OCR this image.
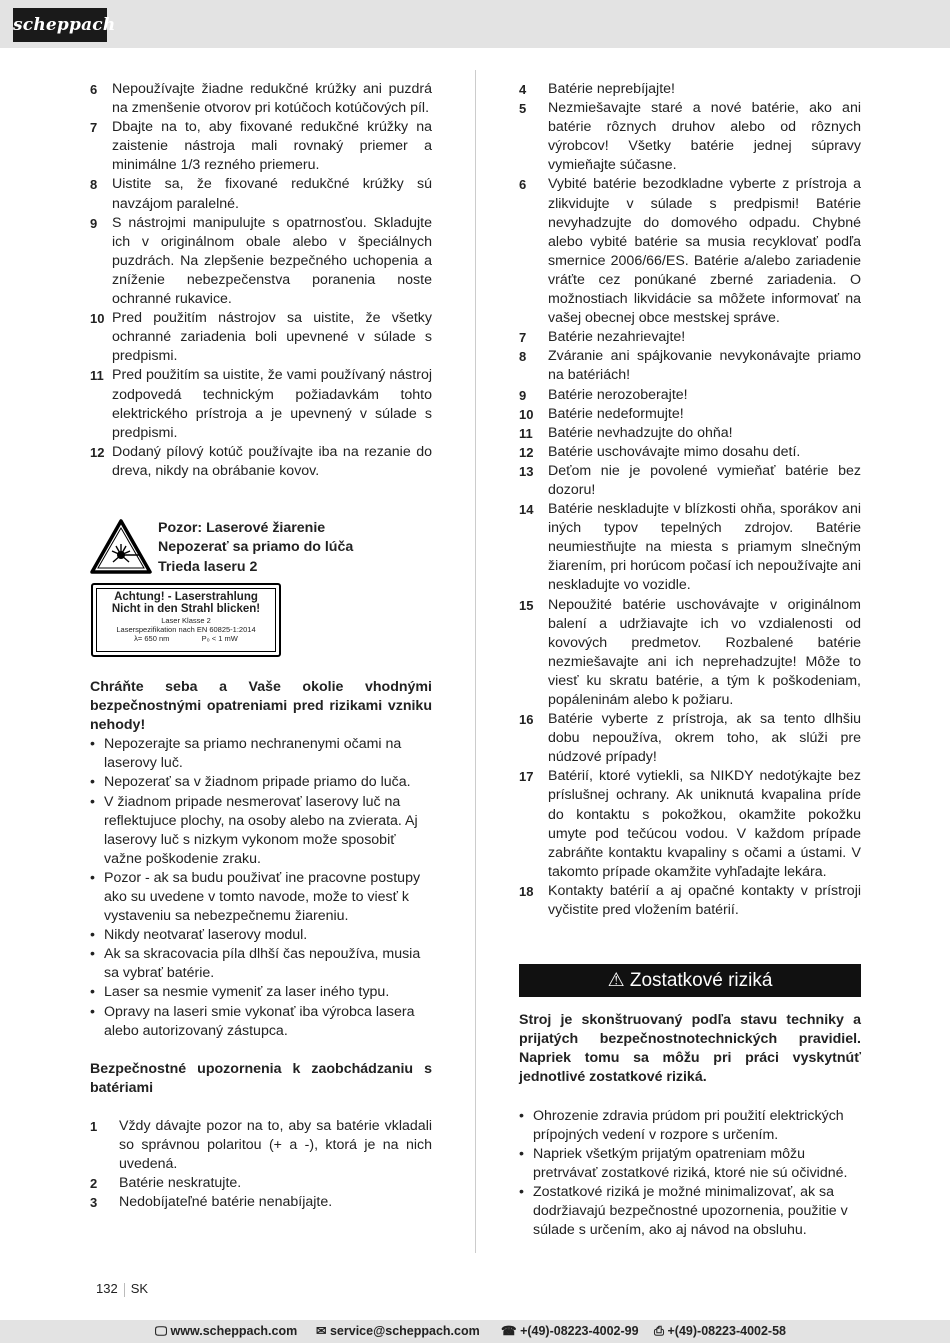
scheppach
6	Nepoužívajte žiadne redukčné krúžky ani puzdrá na zmenšenie otvorov pri kotúčoch kotúčových píl.
7	Dbajte na to, aby fixované redukčné krúžky na zaistenie nástroja mali rovnaký priemer a minimálne 1/3 rezného priemeru.
8	Uistite sa, že fixované redukčné krúžky sú navzájom paralelné.
9	S nástrojmi manipulujte s opatrnosťou. Skladujte ich v originálnom obale alebo v špeciálnych puzdrách. Na zlepšenie bezpečného uchopenia a zníženie nebezpečenstva poranenia noste ochranné rukavice.
10 Pred použitím nástrojov sa uistite, že všetky ochranné zariadenia boli upevnené v súlade s predpismi.
11 Pred použitím sa uistite, že vami používaný nástroj zodpovedá technickým požiadavkám tohto elektrického prístroja a je upevnený v súlade s predpismi.
12 Dodaný pílový kotúč používajte iba na rezanie do dreva, nikdy na obrábanie kovov.
Pozor: Laserové žiarenie
Nepozerať sa priamo do lúča
Trieda laseru 2
Achtung! - Laserstrahlung
Nicht in den Strahl blicken!
Laser Klasse 2
Laserspezifikation nach EN 60825-1:2014
λ= 650 nm	P₀ < 1 mW
Chráňte seba a Vaše okolie vhodnými bezpečnostnými opatreniami pred rizikami vzniku nehody!
• Nepozerajte sa priamo nechranenymi očami na laserovy luč.
• Nepozerať sa v žiadnom pripade priamo do luča.
• V žiadnom pripade nesmerovať laserovy luč na reflektujuce plochy, na osoby alebo na zvierata. Aj laserovy luč s nizkym vykonom može sposobiť važne poškodenie zraku.
• Pozor - ak sa budu použivať ine pracovne postupy ako su uvedene v tomto navode, može to viesť k vystaveniu sa nebezpečnemu žiareniu.
• Nikdy neotvarať laserovy modul.
• Ak sa skracovacia píla dlhší čas nepoužíva, musia sa vybrať batérie.
• Laser sa nesmie vymeniť za laser iného typu.
• Opravy na laseri smie vykonať iba výrobca lasera alebo autorizovaný zástupca.
Bezpečnostné upozornenia k zaobchádzaniu s batériami
1	Vždy dávajte pozor na to, aby sa batérie vkladali so správnou polaritou (+ a -), ktorá je na nich uvedená.
2	Batérie neskratujte.
3	Nedobíjateľné batérie nenabíjajte.
4	Batérie neprebíjajte!
5	Nezmiešavajte staré a nové batérie, ako ani batérie rôznych druhov alebo od rôznych výrobcov! Všetky batérie jednej súpravy vymieňajte súčasne.
6	Vybité batérie bezodkladne vyberte z prístroja a zlikvidujte v súlade s predpismi! Batérie nevyhadzujte do domového odpadu. Chybné alebo vybité batérie sa musia recyklovať podľa smernice 2006/66/ES. Batérie a/alebo zariadenie vráťte cez ponúkané zberné zariadenia. O možnostiach likvidácie sa môžete informovať na vašej obecnej obce mestskej správe.
7	Batérie nezahrievajte!
8	Zváranie ani spájkovanie nevykonávajte priamo na batériách!
9	Batérie nerozoberajte!
10	Batérie nedeformujte!
11	Batérie nevhadzujte do ohňa!
12	Batérie uschovávajte mimo dosahu detí.
13	Deťom nie je povolené vymieňať batérie bez dozoru!
14	Batérie neskladujte v blízkosti ohňa, sporákov ani iných typov tepelných zdrojov. Batérie neumiestňujte na miesta s priamym slnečným žiarením, pri horúcom počasí ich nepoužívajte ani neskladujte vo vozidle.
15	Nepoužité batérie uschovávajte v originálnom balení a udržiavajte ich vo vzdialenosti od kovových predmetov. Rozbalené batérie nezmiešavajte ani ich neprehadzujte! Môže to viesť ku skratu batérie, a tým k poškodeniam, popáleninám alebo k požiaru.
16	Batérie vyberte z prístroja, ak sa tento dlhšiu dobu nepoužíva, okrem toho, ak slúži pre núdzové prípady!
17	Batérií, ktoré vytiekli, sa NIKDY nedotýkajte bez príslušnej ochrany. Ak uniknutá kvapalina príde do kontaktu s pokožkou, okamžite pokožku umyte pod tečúcou vodou. V každom prípade zabráňte kontaktu kvapaliny s očami a ústami. V takomto prípade okamžite vyhľadajte lekára.
18	Kontakty batérií a aj opačné kontakty v prístroji vyčistite pred vložením batérií.
⚠ Zostatkové riziká
Stroj je skonštruovaný podľa stavu techniky a prijatých bezpečnostnotechnických pravidiel. Napriek tomu sa môžu pri práci vyskytnúť jednotlivé zostatkové riziká.
• Ohrozenie zdravia prúdom pri použití elektrických prípojných vedení v rozpore s určením.
• Napriek všetkým prijatým opatreniam môžu pretrvávať zostatkové riziká, ktoré nie sú očividné.
• Zostatkové riziká je možné minimalizovať, ak sa dodržiavajú bezpečnostné upozornenia, použitie v súlade s určením, ako aj návod na obsluhu.
132 SK
🖵 www.scheppach.com ✉ service@scheppach.com ☎ +(49)-08223-4002-99 ⎙ +(49)-08223-4002-58
